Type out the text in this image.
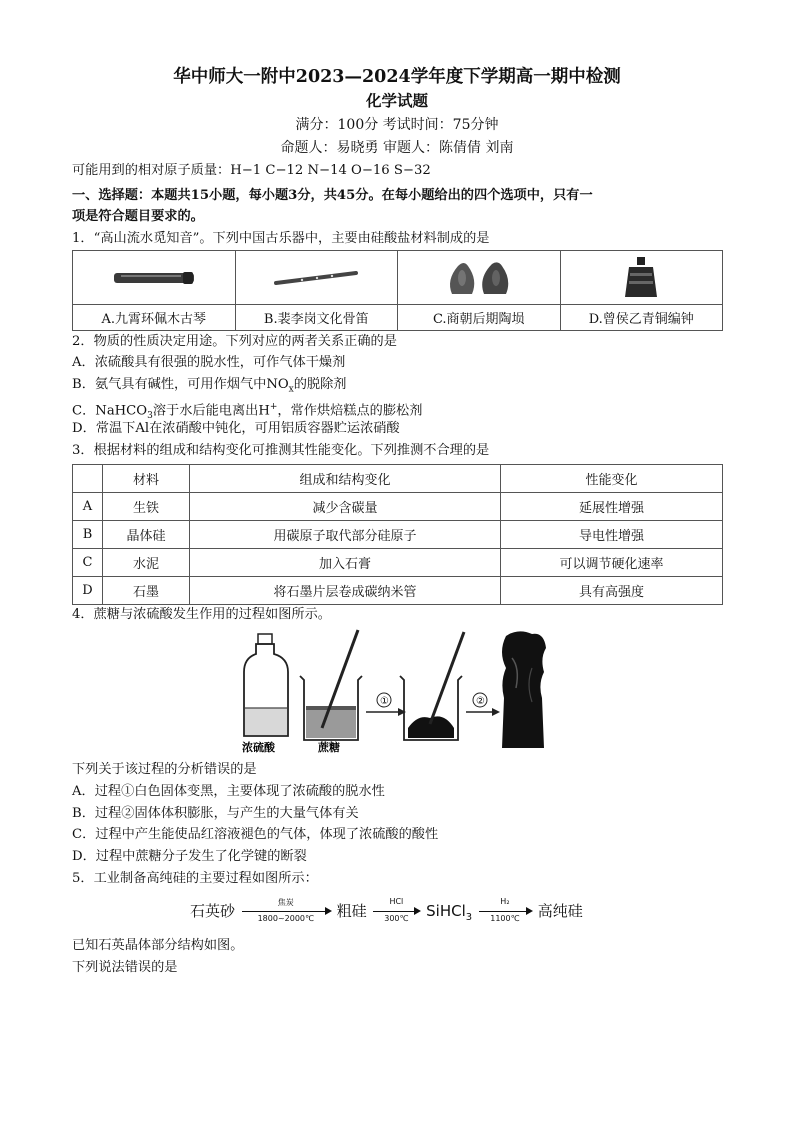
华中师大一附中2023—2024学年度下学期高一期中检测
化学试题
满分：100分 考试时间：75分钟
命题人：易晓勇 审题人：陈倩倩 刘南
可能用到的相对原子质量：H−1 C−12 N−14 O−16 S−32
一、选择题：本题共15小题，每小题3分，共45分。在每小题给出的四个选项中，只有一
项是符合题目要求的。
1．“高山流水觅知音”。下列中国古乐器中，主要由硅酸盐材料制成的是

A.九霄环佩木古琴	B.裴李岗文化骨笛	C.商朝后期陶埙	D.曾侯乙青铜编钟
2．物质的性质决定用途。下列对应的两者关系正确的是
A．浓硫酸具有很强的脱水性，可作气体干燥剂
B．氨气具有碱性，可用作烟气中$NO_x$的脱除剂
C．NaHCO$_3$溶于水后能电离出H+，常作烘焙糕点的膨松剂
D．常温下Al在浓硝酸中钝化，可用铝质容器贮运浓硝酸
3．根据材料的组成和结构变化可推测其性能变化。下列推测不合理的是
	材料	组成和结构变化	性能变化
A	生铁	减少含碳量	延展性增强
B	晶体硅	用碳原子取代部分硅原子	导电性增强
C	水泥	加入石膏	可以调节硬化速率
D	石墨	将石墨片层卷成碳纳米管	具有高强度
4．蔗糖与浓硫酸发生作用的过程如图所示。
浓硫酸	蔗糖
①	②
下列关于该过程的分析错误的是
A．过程①白色固体变黑，主要体现了浓硫酸的脱水性
B．过程②固体体积膨胀，与产生的大量气体有关
C．过程中产生能使品红溶液褪色的气体，体现了浓硫酸的酸性
D．过程中蔗糖分子发生了化学键的断裂
5．工业制备高纯硅的主要过程如图所示：
石英砂	焦炭
1800~2000℃	粗硅
HCl
300℃	SiHCl$_3$ $\frac{\text{H₂}}{1100℃}$ 高纯硅
已知石英晶体部分结构如图。
下列说法错误的是
